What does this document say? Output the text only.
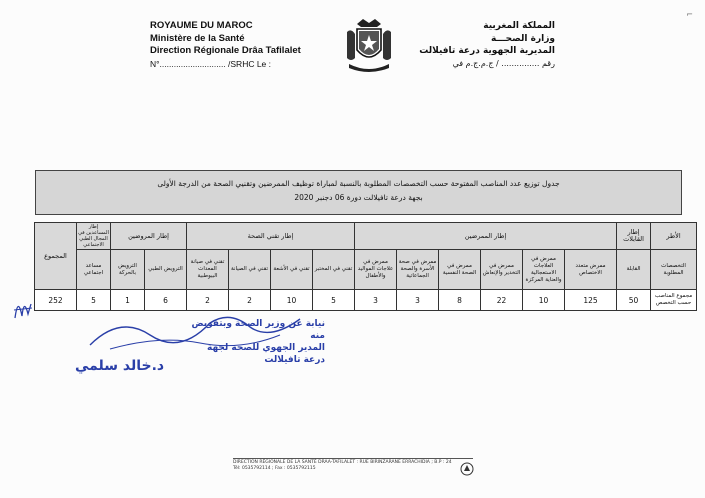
⌐
ROYAUME DU MAROC
Ministère de la Santé
Direction Régionale Drâa Tafilalet
N°............................ /SRHC Le :
المملكة المغربية
وزارة الصحـــة
المديرية الجهوية درعة تافيلالت
رقم ............... / ج.م.ج.م في
جدول توزيع عدد المناصب المفتوحة حسب التخصصات المطلوبة بالنسبة لمباراة توظيف الممرضين وتقنيي الصحة من الدرجة الأولى
بجهة درعة تافيلالت دورة 06 دجنبر 2020
الأطر	إطار القابلات	إطار الممرضين						إطار تقني الصحة				إطار المروضين		إطار المساعدين في المجال الطبي الاجتماعي	المجموع
التخصصات المطلوبة	القابلة	ممرض متعدد الاختصاص	ممرض في العلاجات الاستعجالية والعناية المركزة	ممرض في التخدير والإنعاش	ممرض في الصحة النفسية	ممرض في صحة الأسرة والصحة الجماعاتية	ممرض في علاجات المواليد والأطفال	تقني في المختبر	تقني في الأشعة	تقني في الصيانة	تقني في صيانة المعدات البيوطبية	الترويض الطبي	الترويض بالحركة	مساعد اجتماعي	
مجموع المناصب حسب التخصص	50	125	10	22	8	3	3	5	10	2	2	6	1	5	252
نيابة عن وزير الصحة وبتفويض منه
المدير الجهوي للصحة لجهة درعة تافيلالت
د.خالد سلمي
DIRECTION RÉGIONALE DE LA SANTÉ DRAA-TAFILALET : RUE BIRINZARANE ERRACHIDIA ; B.P : 24
Tél: 0535792114 ; Fax : 0535792115
